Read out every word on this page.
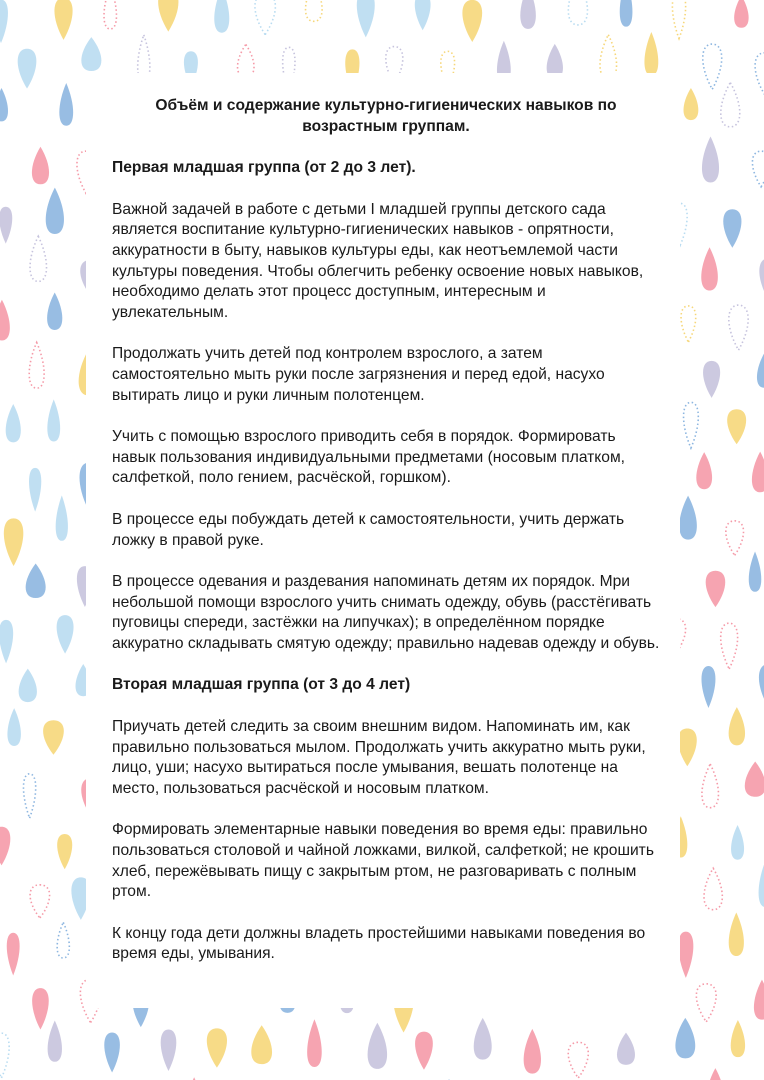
Объём и содержание культурно-гигиенических навыков по возрастным группам.
Первая младшая группа (от 2 до 3 лет).

Важной задачей в работе с детьми I младшей группы детского сада является воспитание культурно-гигиенических навыков - опрятности, аккуратности в быту, навыков культуры еды, как неотъемлемой части культуры поведения. Чтобы облегчить ребенку освоение новых навыков, необходимо делать этот процесс доступным, интересным и увлекательным.

Продолжать учить детей под контролем взрослого, а затем самостоятельно мыть руки после загрязнения и перед едой, насухо вытирать лицо и руки личным полотенцем.

Учить с помощью взрослого приводить себя в порядок. Формировать навык пользования индивидуальными предметами (носовым платком, салфеткой, поло гением, расчёской, горшком).

В процессе еды побуждать детей к самостоятельности, учить держать ложку в правой руке.

В процессе одевания и раздевания напоминать детям их порядок. Мри небольшой помощи взрослого учить снимать одежду, обувь (расстёгивать пуговицы спереди, застёжки на липучках); в определённом порядке аккуратно складывать смятую одежду; правильно надевав одежду и обувь.

Вторая младшая группа (от 3 до 4 лет)

Приучать детей следить за своим внешним видом. Напоминать им, как правильно пользоваться мылом. Продолжать учить аккуратно мыть руки, лицо, уши; насухо вытираться после умывания, вешать полотенце на место, пользоваться расчёской и носовым платком.

Формировать элементарные навыки поведения во время еды: правильно пользоваться столовой и чайной ложками, вилкой, салфеткой; не крошить хлеб, пережёвывать пищу с закрытым ртом, не разговаривать с полным ртом.

К концу года дети должны владеть простейшими навыками поведения во время еды, умывания.
